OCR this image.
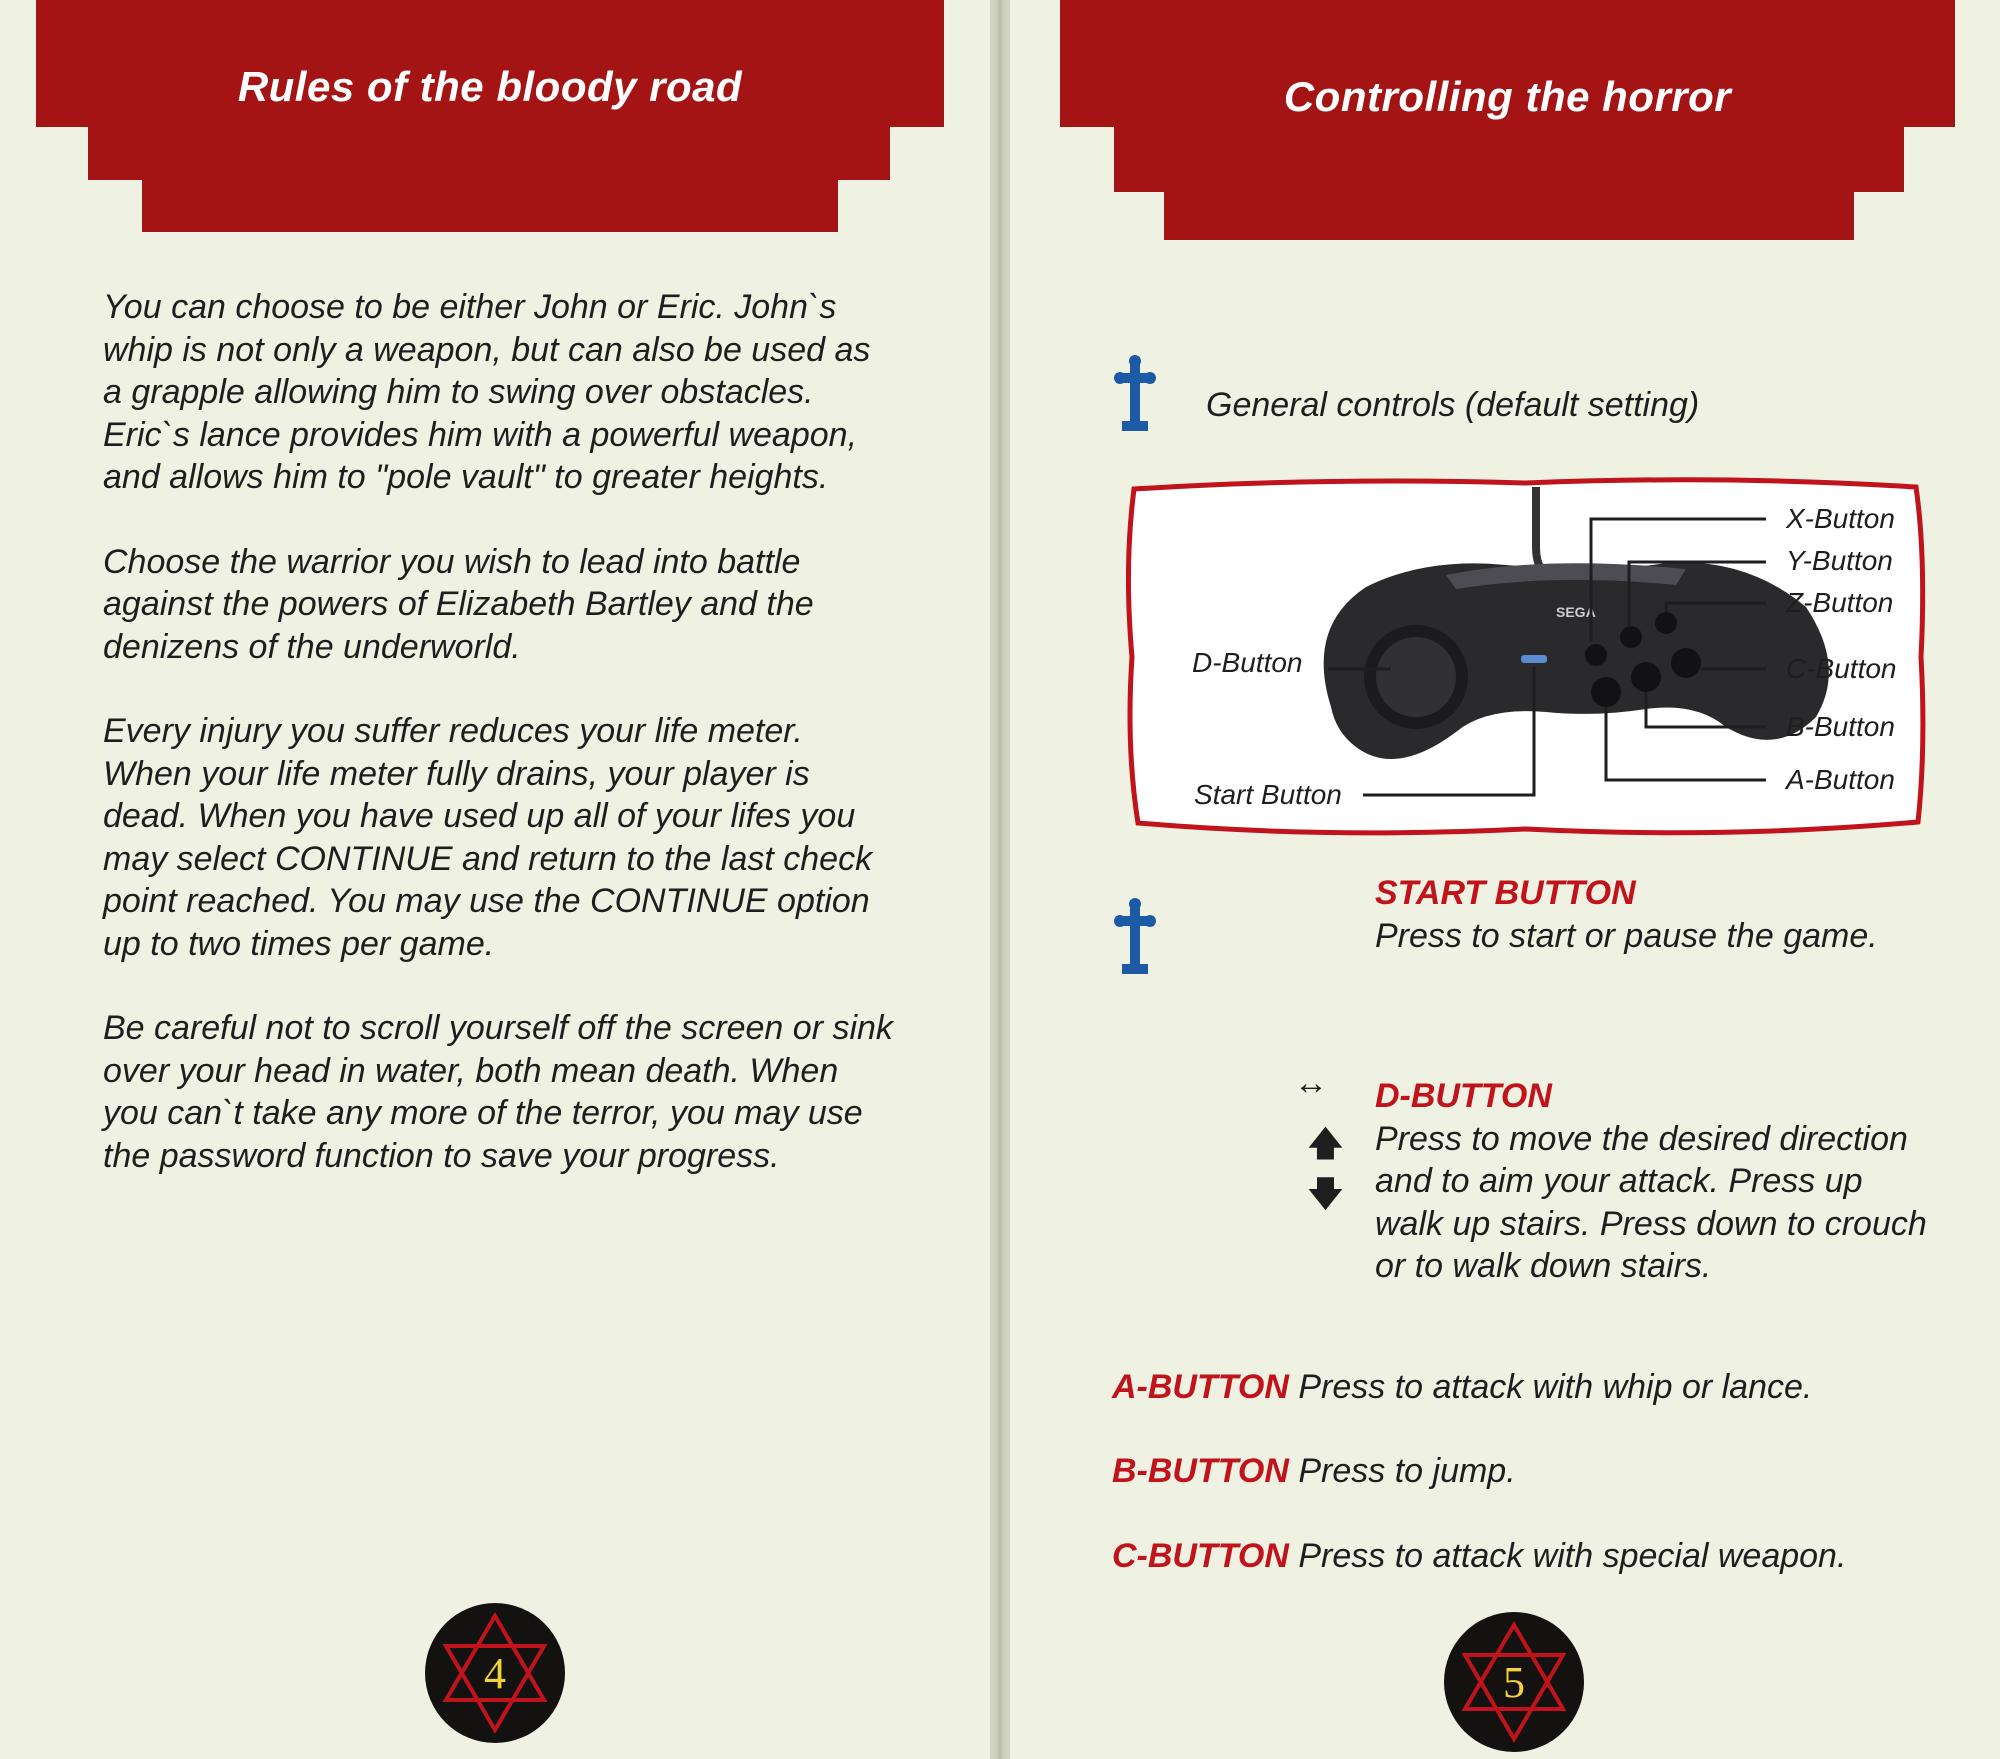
Rules of the bloody road

You can choose to be either John or Eric. John`s whip is not only a weapon, but can also be used as a grapple allowing him to swing over obstacles. Eric`s lance provides him with a powerful weapon, and allows him to "pole vault" to greater heights.

Choose the warrior you wish to lead into battle against the powers of Elizabeth Bartley and the denizens of the underworld.

Every injury you suffer reduces your life meter. When your life meter fully drains, your player is dead. When you have used up all of your lifes you may select CONTINUE and return to the last check point reached. You may use the CONTINUE option up to two times per game.

Be careful not to scroll yourself off the screen or sink over your head in water, both mean death. When you can`t take any more of the terror, you may use the password function to save your progress.

4
Controlling the horror
General controls (default setting)
SEGA
X-Button
Y-Button
Z-Button
C-Button
B-Button
A-Button
D-Button
Start Button
START BUTTON
Press to start or pause the game.
↔
🡅
🡇
D-BUTTON
Press to move the desired direction and to aim your attack. Press up walk up stairs. Press down to crouch or to walk down stairs.
A-BUTTON Press to attack with whip or lance.
B-BUTTON Press to jump.
C-BUTTON Press to attack with special weapon.
5
